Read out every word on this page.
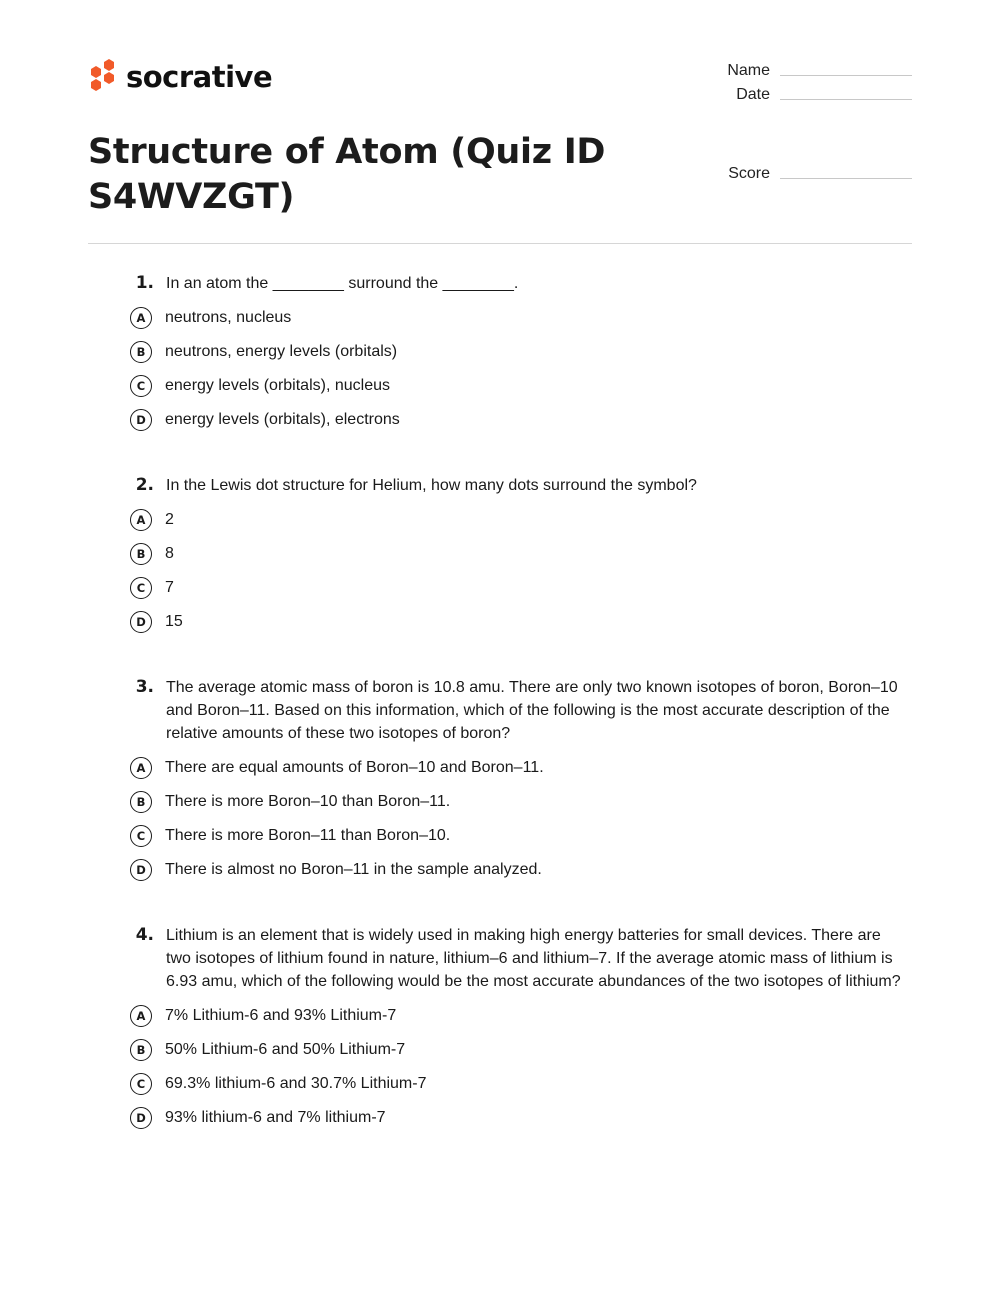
socrative	Name
Date
Score
Structure of Atom (Quiz ID S4WVZGT)
1. In an atom the ________ surround the ________.
A	neutrons, nucleus
B	neutrons, energy levels (orbitals)
C	energy levels (orbitals), nucleus
D	energy levels (orbitals), electrons
2. In the Lewis dot structure for Helium, how many dots surround the symbol?
A	2
B	8
C	7
D	15
3. The average atomic mass of boron is 10.8 amu. There are only two known isotopes of boron, Boron–10 and Boron–11. Based on this information, which of the following is the most accurate description of the relative amounts of these two isotopes of boron?
A	There are equal amounts of Boron–10 and Boron–11.
B	There is more Boron–10 than Boron–11.
C	There is more Boron–11 than Boron–10.
D	There is almost no Boron–11 in the sample analyzed.
4. Lithium is an element that is widely used in making high energy batteries for small devices. There are two isotopes of lithium found in nature, lithium–6 and lithium–7. If the average atomic mass of lithium is 6.93 amu, which of the following would be the most accurate abundances of the two isotopes of lithium?
A	7% Lithium-6 and 93% Lithium-7
B	50% Lithium-6 and 50% Lithium-7
C	69.3% lithium-6 and 30.7% Lithium-7
D	93% lithium-6 and 7% lithium-7
